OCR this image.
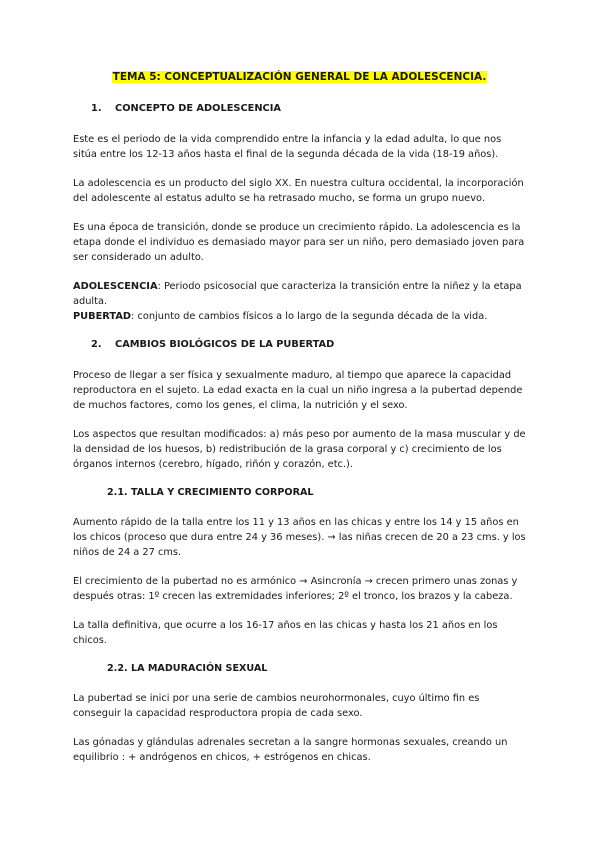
TEMA 5: CONCEPTUALIZACIÓN GENERAL DE LA ADOLESCENCIA.
1. CONCEPTO DE ADOLESCENCIA
Este es el periodo de la vida comprendido entre la infancia y la edad adulta, lo que nos sitúa entre los 12-13 años hasta el final de la segunda década de la vida (18-19 años).
La adolescencia es un producto del siglo XX. En nuestra cultura occidental, la incorporación del adolescente al estatus adulto se ha retrasado mucho, se forma un grupo nuevo.
Es una época de transición, donde se produce un crecimiento rápido. La adolescencia es la etapa donde el individuo es demasiado mayor para ser un niño, pero demasiado joven para ser considerado un adulto.
ADOLESCENCIA: Periodo psicosocial que caracteriza la transición entre la niñez y la etapa adulta.
PUBERTAD: conjunto de cambios físicos a lo largo de la segunda década de la vida.
2. CAMBIOS BIOLÓGICOS DE LA PUBERTAD
Proceso de llegar a ser física y sexualmente maduro, al tiempo que aparece la capacidad reproductora en el sujeto. La edad exacta en la cual un niño ingresa a la pubertad depende de muchos factores, como los genes, el clima, la nutrición y el sexo.
Los aspectos que resultan modificados: a) más peso por aumento de la masa muscular y de la densidad de los huesos, b) redistribución de la grasa corporal y c) crecimiento de los órganos internos (cerebro, hígado, riñón y corazón, etc.).
2.1. TALLA Y CRECIMIENTO CORPORAL
Aumento rápido de la talla entre los 11 y 13 años en las chicas y entre los 14 y 15 años en los chicos (proceso que dura entre 24 y 36 meses). → las niñas crecen de 20 a 23 cms. y los niños de 24 a 27 cms.
El crecimiento de la pubertad no es armónico → Asincronía → crecen primero unas zonas y después otras: 1º crecen las extremidades inferiores; 2º el tronco, los brazos y la cabeza.
La talla definitiva, que ocurre a los 16-17 años en las chicas y hasta los 21 años en los chicos.
2.2. LA MADURACIÓN SEXUAL
La pubertad se inici por una serie de cambios neurohormonales, cuyo último fin es conseguir la capacidad resproductora propia de cada sexo.
Las gónadas y glándulas adrenales secretan a la sangre hormonas sexuales, creando un equilibrio : + andrógenos en chicos, + estrógenos en chicas.
